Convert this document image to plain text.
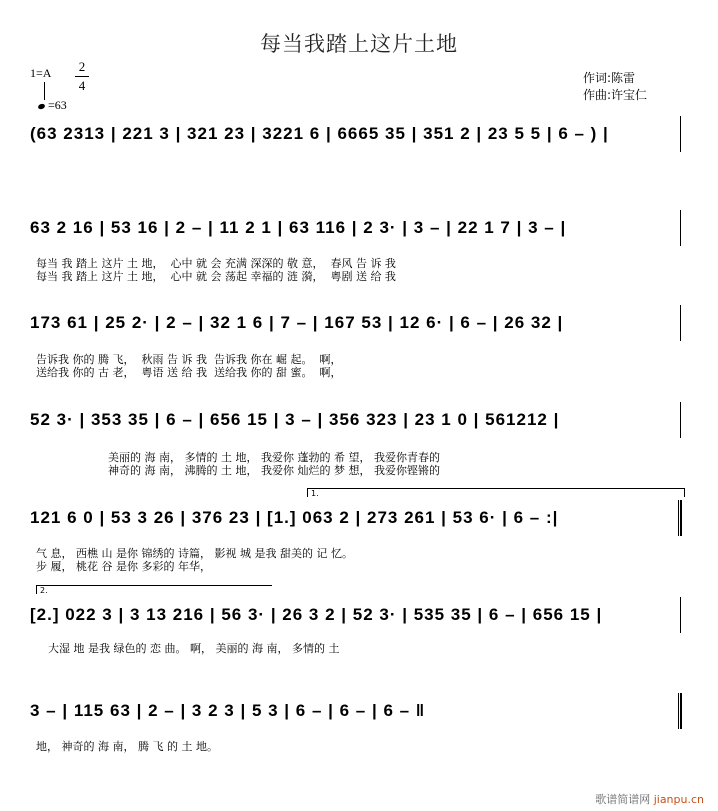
每当我踏上这片土地
1=A 2
4
=63
作词:陈雷
作曲:许宝仁
(63 2313 | 221 3 | 321 23 | 3221 6 | 6665 35 | 351 2 | 23 5 5 | 6 – ) |
63 2 16 | 53 16 | 2 – | 11 2 1 | 63 116 | 2 3· | 3 – | 22 1 7 | 3 – |
每当 我 踏上 这片 土 地，  心中 就 会 充满 深深的 敬 意，  春风 告 诉 我
每当 我 踏上 这片 土 地，  心中 就 会 荡起 幸福的 涟 漪，  粤剧 送 给 我
173 61 | 25 2· | 2 – | 32 1 6 | 7 – | 167 53 | 12 6· | 6 – | 26 32 |
告诉我 你的 腾 飞，  秋雨 告 诉 我  告诉我 你在 崛 起。  啊，
送给我 你的 古 老，  粤语 送 给 我  送给我 你的 甜 蜜。  啊，
52 3· | 353 35 | 6 – | 656 15 | 3 – | 356 323 | 23 1 0 | 561212 |
美丽的 海 南， 多情的 土 地， 我爱你 蓬勃的 希 望， 我爱你青春的
神奇的 海 南， 沸腾的 土 地， 我爱你 灿烂的 梦 想， 我爱你铿锵的
1.
121 6 0 | 53 3 26 | 376 23 | [1.] 063 2 | 273 261 | 53 6· | 6 – :|
气 息， 西樵 山 是你 锦绣的 诗篇， 影视 城 是我 甜美的 记 忆。
步 履， 桃花 谷 是你 多彩的 年华，
2.
[2.] 022 3 | 3 13 216 | 56 3· | 26 3 2 | 52 3· | 535 35 | 6 – | 656 15 |
大湿 地 是我 绿色的 恋 曲。 啊， 美丽的 海 南， 多情的 土
3 – | 115 63 | 2 – | 3 2 3 | 5 3 | 6 – | 6 – | 6 – ‖
地， 神奇的 海 南， 腾 飞 的 土 地。
歌谱简谱网 jianpu.cn
